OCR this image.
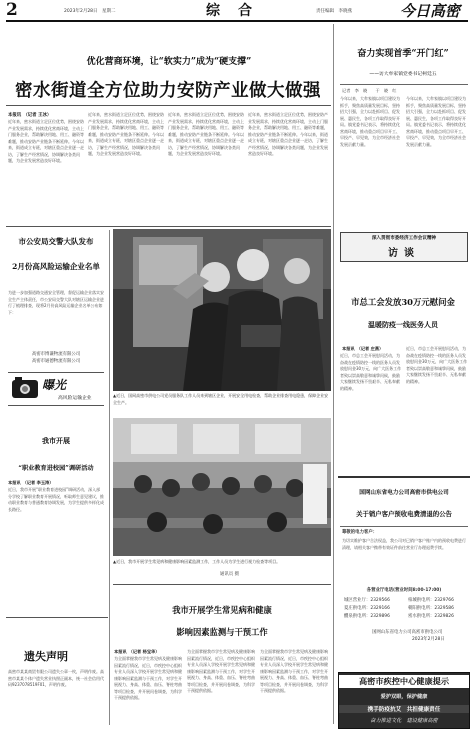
2	2023年2月28日　星期二	综　合	责任编辑　李晓燕	今日高密
优化营商环境，让“软实力”成为“硬支撑”
密水街道全方位助力安防产业做大做强
本报讯　（记者 王冰）
近年来，密水街道立足区位优势，围绕安防产业发展需求，持续优化营商环境，主动上门服务企业，帮助解决用地、用工、融资等难题，推动安防产业链条不断延伸。今年以来，街道成立专班，对辖区重点企业逐一走访，了解生产经营情况，协调解决各类问题，为企业发展营造良好环境。
近年来，密水街道立足区位优势，围绕安防产业发展需求，持续优化营商环境，主动上门服务企业，帮助解决用地、用工、融资等难题，推动安防产业链条不断延伸。今年以来，街道成立专班，对辖区重点企业逐一走访，了解生产经营情况，协调解决各类问题，为企业发展营造良好环境。
近年来，密水街道立足区位优势，围绕安防产业发展需求，持续优化营商环境，主动上门服务企业，帮助解决用地、用工、融资等难题，推动安防产业链条不断延伸。今年以来，街道成立专班，对辖区重点企业逐一走访，了解生产经营情况，协调解决各类问题，为企业发展营造良好环境。
近年来，密水街道立足区位优势，围绕安防产业发展需求，持续优化营商环境，主动上门服务企业，帮助解决用地、用工、融资等难题，推动安防产业链条不断延伸。今年以来，街道成立专班，对辖区重点企业逐一走访，了解生产经营情况，协调解决各类问题，为企业发展营造良好环境。
市公安局交警大队发布
2月份高风险运输企业名单
为进一步加强道路交通安全管理，督促运输企业落实安全生产主体责任，市公安局交警大队对辖区运输企业进行了梳理排查，现将2月份高风险运输企业名单公布如下：
高密市博谦物流有限公司
高密市通德物流有限公司
曝光
高风险运输企业
我市开展
“职业教育进校园”调研活动
本报讯　（记者 李玉涛）
近日，我市开展“职业教育进校园”调研活动，深入部分学校了解职业教育开展情况，听取师生意见建议，推动职业教育与普通教育协调发展，为学生提供多样化成长路径。
遗失声明
高密市某某商贸有限公司遗失公章一枚，声明作废。高密市某某个体户遗失营业执照正副本，统一社会信用代码9237078519F01，声明作废。
▲近日，国网高密市供电公司党员服务队工作人员来到辖区企业，开展安全用电检查，帮助企业排查用电隐患，保障企业安全生产。
▲近日，我市开展学生常见病和健康影响因素监测工作，工作人员为学生进行视力检查等项目。
通讯员 摄
我市开展学生常见病和健康
影响因素监测与干预工作
本报讯　（记者 杨宝华）
为全面掌握我市学生常见病及健康影响因素流行情况，近日，市疾控中心组织专业人员深入学校开展学生常见病和健康影响因素监测与干预工作，对学生开展视力、身高、体重、血压、脊柱弯曲等项目检查，并开展问卷调查，为科学干预提供依据。
为全面掌握我市学生常见病及健康影响因素流行情况，近日，市疾控中心组织专业人员深入学校开展学生常见病和健康影响因素监测与干预工作，对学生开展视力、身高、体重、血压、脊柱弯曲等项目检查，并开展问卷调查，为科学干预提供依据。
为全面掌握我市学生常见病及健康影响因素流行情况，近日，市疾控中心组织专业人员深入学校开展学生常见病和健康影响因素监测与干预工作，对学生开展视力、身高、体重、血压、脊柱弯曲等项目检查，并开展问卷调查，为科学干预提供依据。
奋力实现首季“开门红”
——访大牟家镇党委书记柯廷五
记者　李　晓　　于　晓　红
今年以来，大牟家镇以项目建设为抓手，聚焦高质量发展目标，坚持招大引强，全力以赴抓项目、促发展、惠民生，各项工作取得良好开局。镇党委书记表示，将持续优化营商环境，推动重点项目早开工、早投产、早见效，为全市经济社会发展贡献力量。
今年以来，大牟家镇以项目建设为抓手，聚焦高质量发展目标，坚持招大引强，全力以赴抓项目、促发展、惠民生，各项工作取得良好开局。镇党委书记表示，将持续优化营商环境，推动重点项目早开工、早投产、早见效，为全市经济社会发展贡献力量。
深入贯彻市委经济工作会议精神
访谈
市总工会发放30万元慰问金
温暖防疫一线医务人员
本报讯　（记者 庄燕）
近日，市总工会开展慰问活动，为奋战在疫情防控一线的医务人员发放慰问金30万元，向广大医务工作者致以崇高敬意和诚挚问候，鼓励大家继续发扬不畏艰辛、无私奉献的精神。
近日，市总工会开展慰问活动，为奋战在疫情防控一线的医务人员发放慰问金30万元，向广大医务工作者致以崇高敬意和诚挚问候，鼓励大家继续发扬不畏艰辛、无私奉献的精神。
国网山东省电力公司高密市供电公司
关于销户客户预收电费清退的公告
尊敬的电力客户：
为切实维护客户合法权益，我公司对已销户客户账户内的预收电费进行清理，请相关客户携带有效证件前往营业厅办理退费手续。
各营业厅电话(营业时间8:00-17:00)
城区营业厅：2329566	柏城供电所：2329766
夏庄供电所：2329166	朝阳供电所：2329586
醴泉供电所：2329896	密水供电所：2329826
国网山东省电力公司高密市供电公司
2023年2月28日
高密市疾控中心健康提示
爱护双眼，保护健康
携手防疫抗艾　共担健康责任
奋力推进文化　建设健康高密
